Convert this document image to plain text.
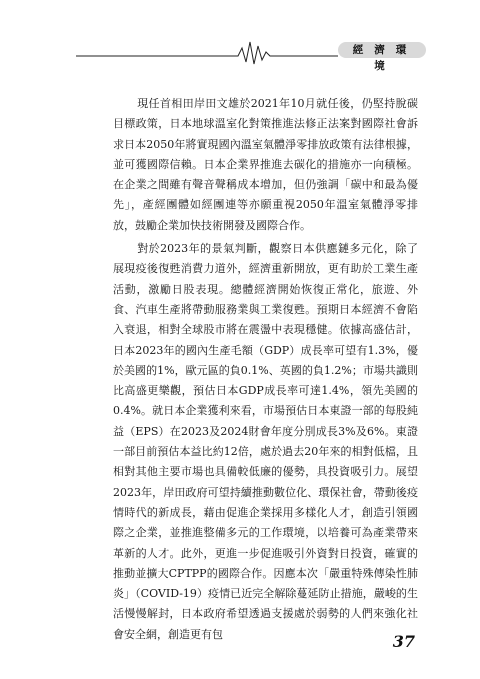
經濟環境

現任首相田岸田文雄於2021年10月就任後，仍堅持脫碳目標政策，日本地球溫室化對策推進法修正法案對國際社會訴求日本2050年將實現國內溫室氣體淨零排放政策有法律根據，並可獲國際信賴。日本企業界推進去碳化的措施亦一向積極。在企業之間雖有聲音聲稱成本增加，但仍強調「碳中和最為優先」，產經團體如經團連等亦願重視2050年溫室氣體淨零排放，鼓勵企業加快技術開發及國際合作。

對於2023年的景氣判斷，觀察日本供應鏈多元化，除了展現疫後復甦消費力道外，經濟重新開放，更有助於工業生產活動，激勵日股表現。總體經濟開始恢復正常化，旅遊、外食、汽車生產將帶動服務業與工業復甦。預期日本經濟不會陷入衰退，相對全球股市將在震盪中表現穩健。依據高盛估計，日本2023年的國內生產毛額（GDP）成長率可望有1.3%，優於美國的1%，歐元區的負0.1%、英國的負1.2%；市場共識則比高盛更樂觀，預估日本GDP成長率可達1.4%，領先美國的0.4%。就日本企業獲利來看，市場預估日本東證一部的每股純益（EPS）在2023及2024財會年度分別成長3%及6%。東證一部目前預估本益比約12倍，處於過去20年來的相對低檔，且相對其他主要市場也具備較低廉的優勢，具投資吸引力。展望2023年，岸田政府可望持續推動數位化、環保社會，帶動後疫情時代的新成長，藉由促進企業採用多樣化人才，創造引領國際之企業，並推進整備多元的工作環境，以培養可為產業帶來革新的人才。此外，更進一步促進吸引外資對日投資，確實的推動並擴大CPTPP的國際合作。因應本次「嚴重特殊傳染性肺炎」（COVID-19）疫情已近完全解除蔓延防止措施，嚴峻的生活慢慢解封，日本政府希望透過支援處於弱勢的人們來強化社會安全網，創造更有包	37
